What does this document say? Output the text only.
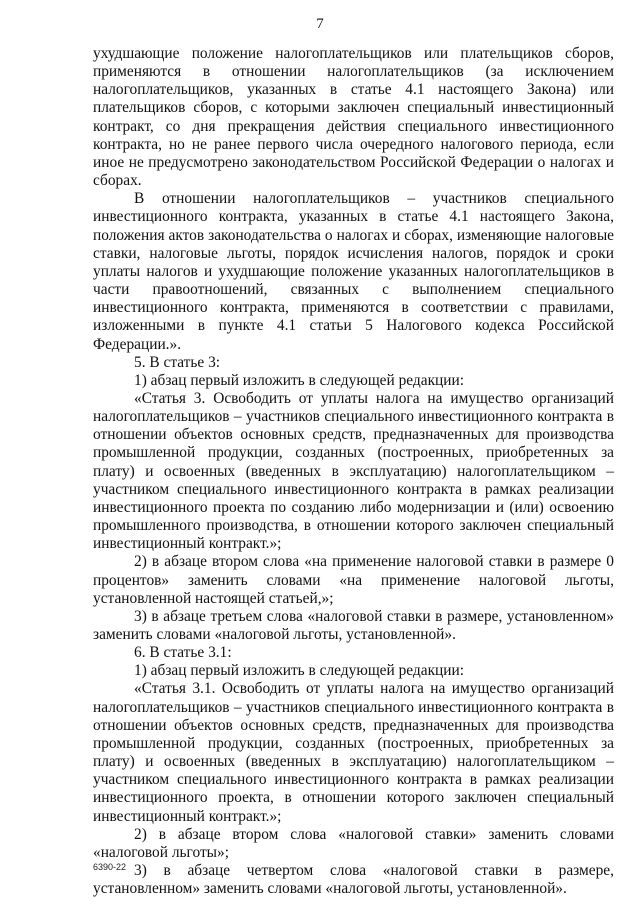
7

ухудшающие положение налогоплательщиков или плательщиков сборов, применяются в отношении налогоплательщиков (за исключением налогоплательщиков, указанных в статье 4.1 настоящего Закона) или плательщиков сборов, с которыми заключен специальный инвестиционный контракт, со дня прекращения действия специального инвестиционного контракта, но не ранее первого числа очередного налогового периода, если иное не предусмотрено законодательством Российской Федерации о налогах и сборах.

В отношении налогоплательщиков – участников специального инвестиционного контракта, указанных в статье 4.1 настоящего Закона, положения актов законодательства о налогах и сборах, изменяющие налоговые ставки, налоговые льготы, порядок исчисления налогов, порядок и сроки уплаты налогов и ухудшающие положение указанных налогоплательщиков в части правоотношений, связанных с выполнением специального инвестиционного контракта, применяются в соответствии с правилами, изложенными в пункте 4.1 статьи 5 Налогового кодекса Российской Федерации.».

5. В статье 3:

1) абзац первый изложить в следующей редакции:

«Статья 3. Освободить от уплаты налога на имущество организаций налогоплательщиков – участников специального инвестиционного контракта в отношении объектов основных средств, предназначенных для производства промышленной продукции, созданных (построенных, приобретенных за плату) и освоенных (введенных в эксплуатацию) налогоплательщиком – участником специального инвестиционного контракта в рамках реализации инвестиционного проекта по созданию либо модернизации и (или) освоению промышленного производства, в отношении которого заключен специальный инвестиционный контракт.»;

2) в абзаце втором слова «на применение налоговой ставки в размере 0 процентов» заменить словами «на применение налоговой льготы, установленной настоящей статьей,»;

3) в абзаце третьем слова «налоговой ставки в размере, установленном» заменить словами «налоговой льготы, установленной».

6. В статье 3.1:

1) абзац первый изложить в следующей редакции:

«Статья 3.1. Освободить от уплаты налога на имущество организаций налогоплательщиков – участников специального инвестиционного контракта в отношении объектов основных средств, предназначенных для производства промышленной продукции, созданных (построенных, приобретенных за плату) и освоенных (введенных в эксплуатацию) налогоплательщиком – участником специального инвестиционного контракта в рамках реализации инвестиционного проекта, в отношении которого заключен специальный инвестиционный контракт.»;

2) в абзаце втором слова «налоговой ставки» заменить словами «налоговой льготы»;

3) в абзаце четвертом слова «налоговой ставки в размере, установленном» заменить словами «налоговой льготы, установленной».

6390-22
